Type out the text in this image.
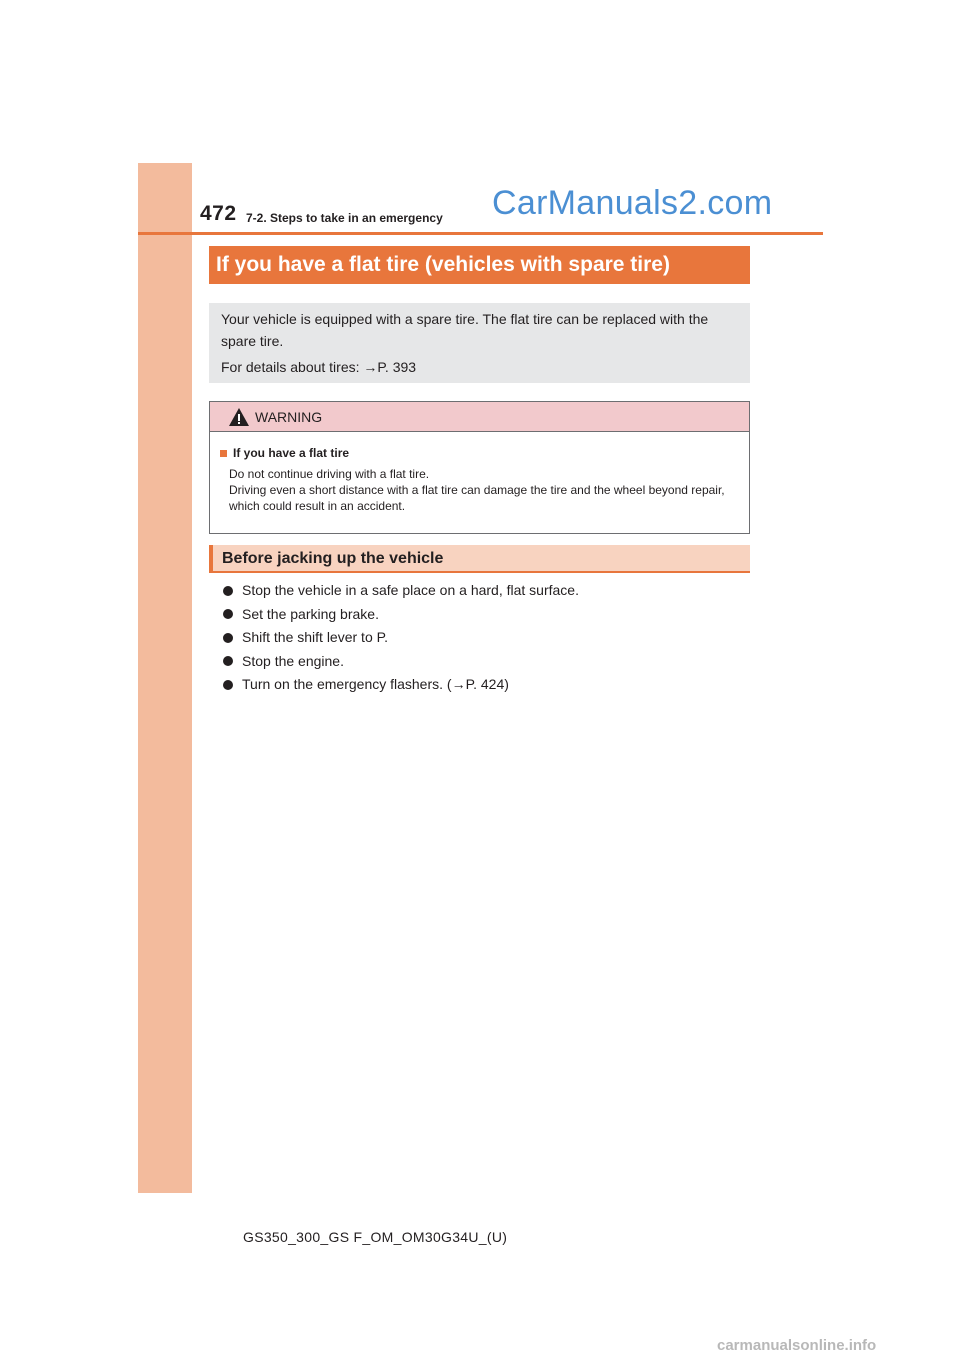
472 7-2. Steps to take in an emergency CarManuals2.com
If you have a flat tire (vehicles with spare tire)

Your vehicle is equipped with a spare tire. The flat tire can be replaced with the spare tire.

For details about tires: →P. 393

WARNING
If you have a flat tire
Do not continue driving with a flat tire.
Driving even a short distance with a flat tire can damage the tire and the wheel beyond repair, which could result in an accident.
Before jacking up the vehicle
Stop the vehicle in a safe place on a hard, flat surface.
Set the parking brake.
Shift the shift lever to P.
Stop the engine.
Turn on the emergency flashers. (→P. 424)
GS350_300_GS F_OM_OM30G34U_(U)
carmanualsonline.info
